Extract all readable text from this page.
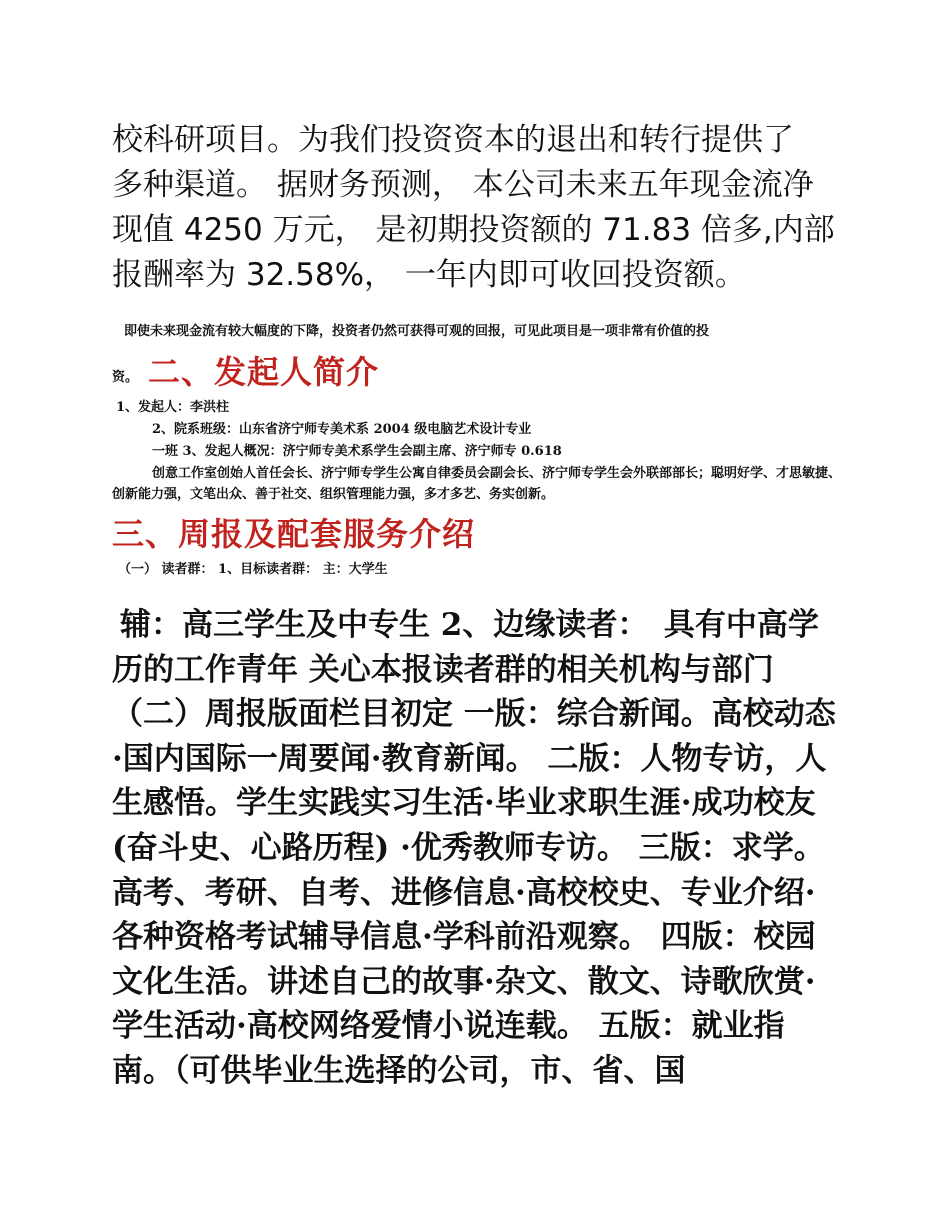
校科研项目。为我们投资资本的退出和转行提供了
多种渠道。 据财务预测， 本公司未来五年现金流净
现值 4250 万元， 是初期投资额的 71.83 倍多,内部
报酬率为 32.58%， 一年内即可收回投资额。

即使未来现金流有较大幅度的下降，投资者仍然可获得可观的回报，可见此项目是一项非常有价值的投

资。 二、发起人简介

1、发起人：李洪柱

2、院系班级：山东省济宁师专美术系 2004 级电脑艺术设计专业

一班 3、发起人概况：济宁师专美术系学生会副主席、济宁师专 0.618

创意工作室创始人首任会长、济宁师专学生公寓自律委员会副会长、济宁师专学生会外联部部长；聪明好学、才思敏捷、创新能力强，文笔出众、善于社交、组织管理能力强，多才多艺、务实创新。

三、周报及配套服务介绍

（一） 读者群： 1、目标读者群： 主：大学生

辅：高三学生及中专生 2、边缘读者：　具有中高学历的工作青年 关心本报读者群的相关机构与部门（二）周报版面栏目初定 一版：综合新闻。高校动态·国内国际一周要闻·教育新闻。 二版：人物专访，人生感悟。学生实践实习生活·毕业求职生涯·成功校友(奋斗史、心路历程) ·优秀教师专访。 三版：求学。高考、考研、自考、进修信息·高校校史、专业介绍·各种资格考试辅导信息·学科前沿观察。 四版：校园文化生活。讲述自己的故事·杂文、散文、诗歌欣赏·学生活动·高校网络爱情小说连载。 五版：就业指南。（可供毕业生选择的公司，市、省、国
